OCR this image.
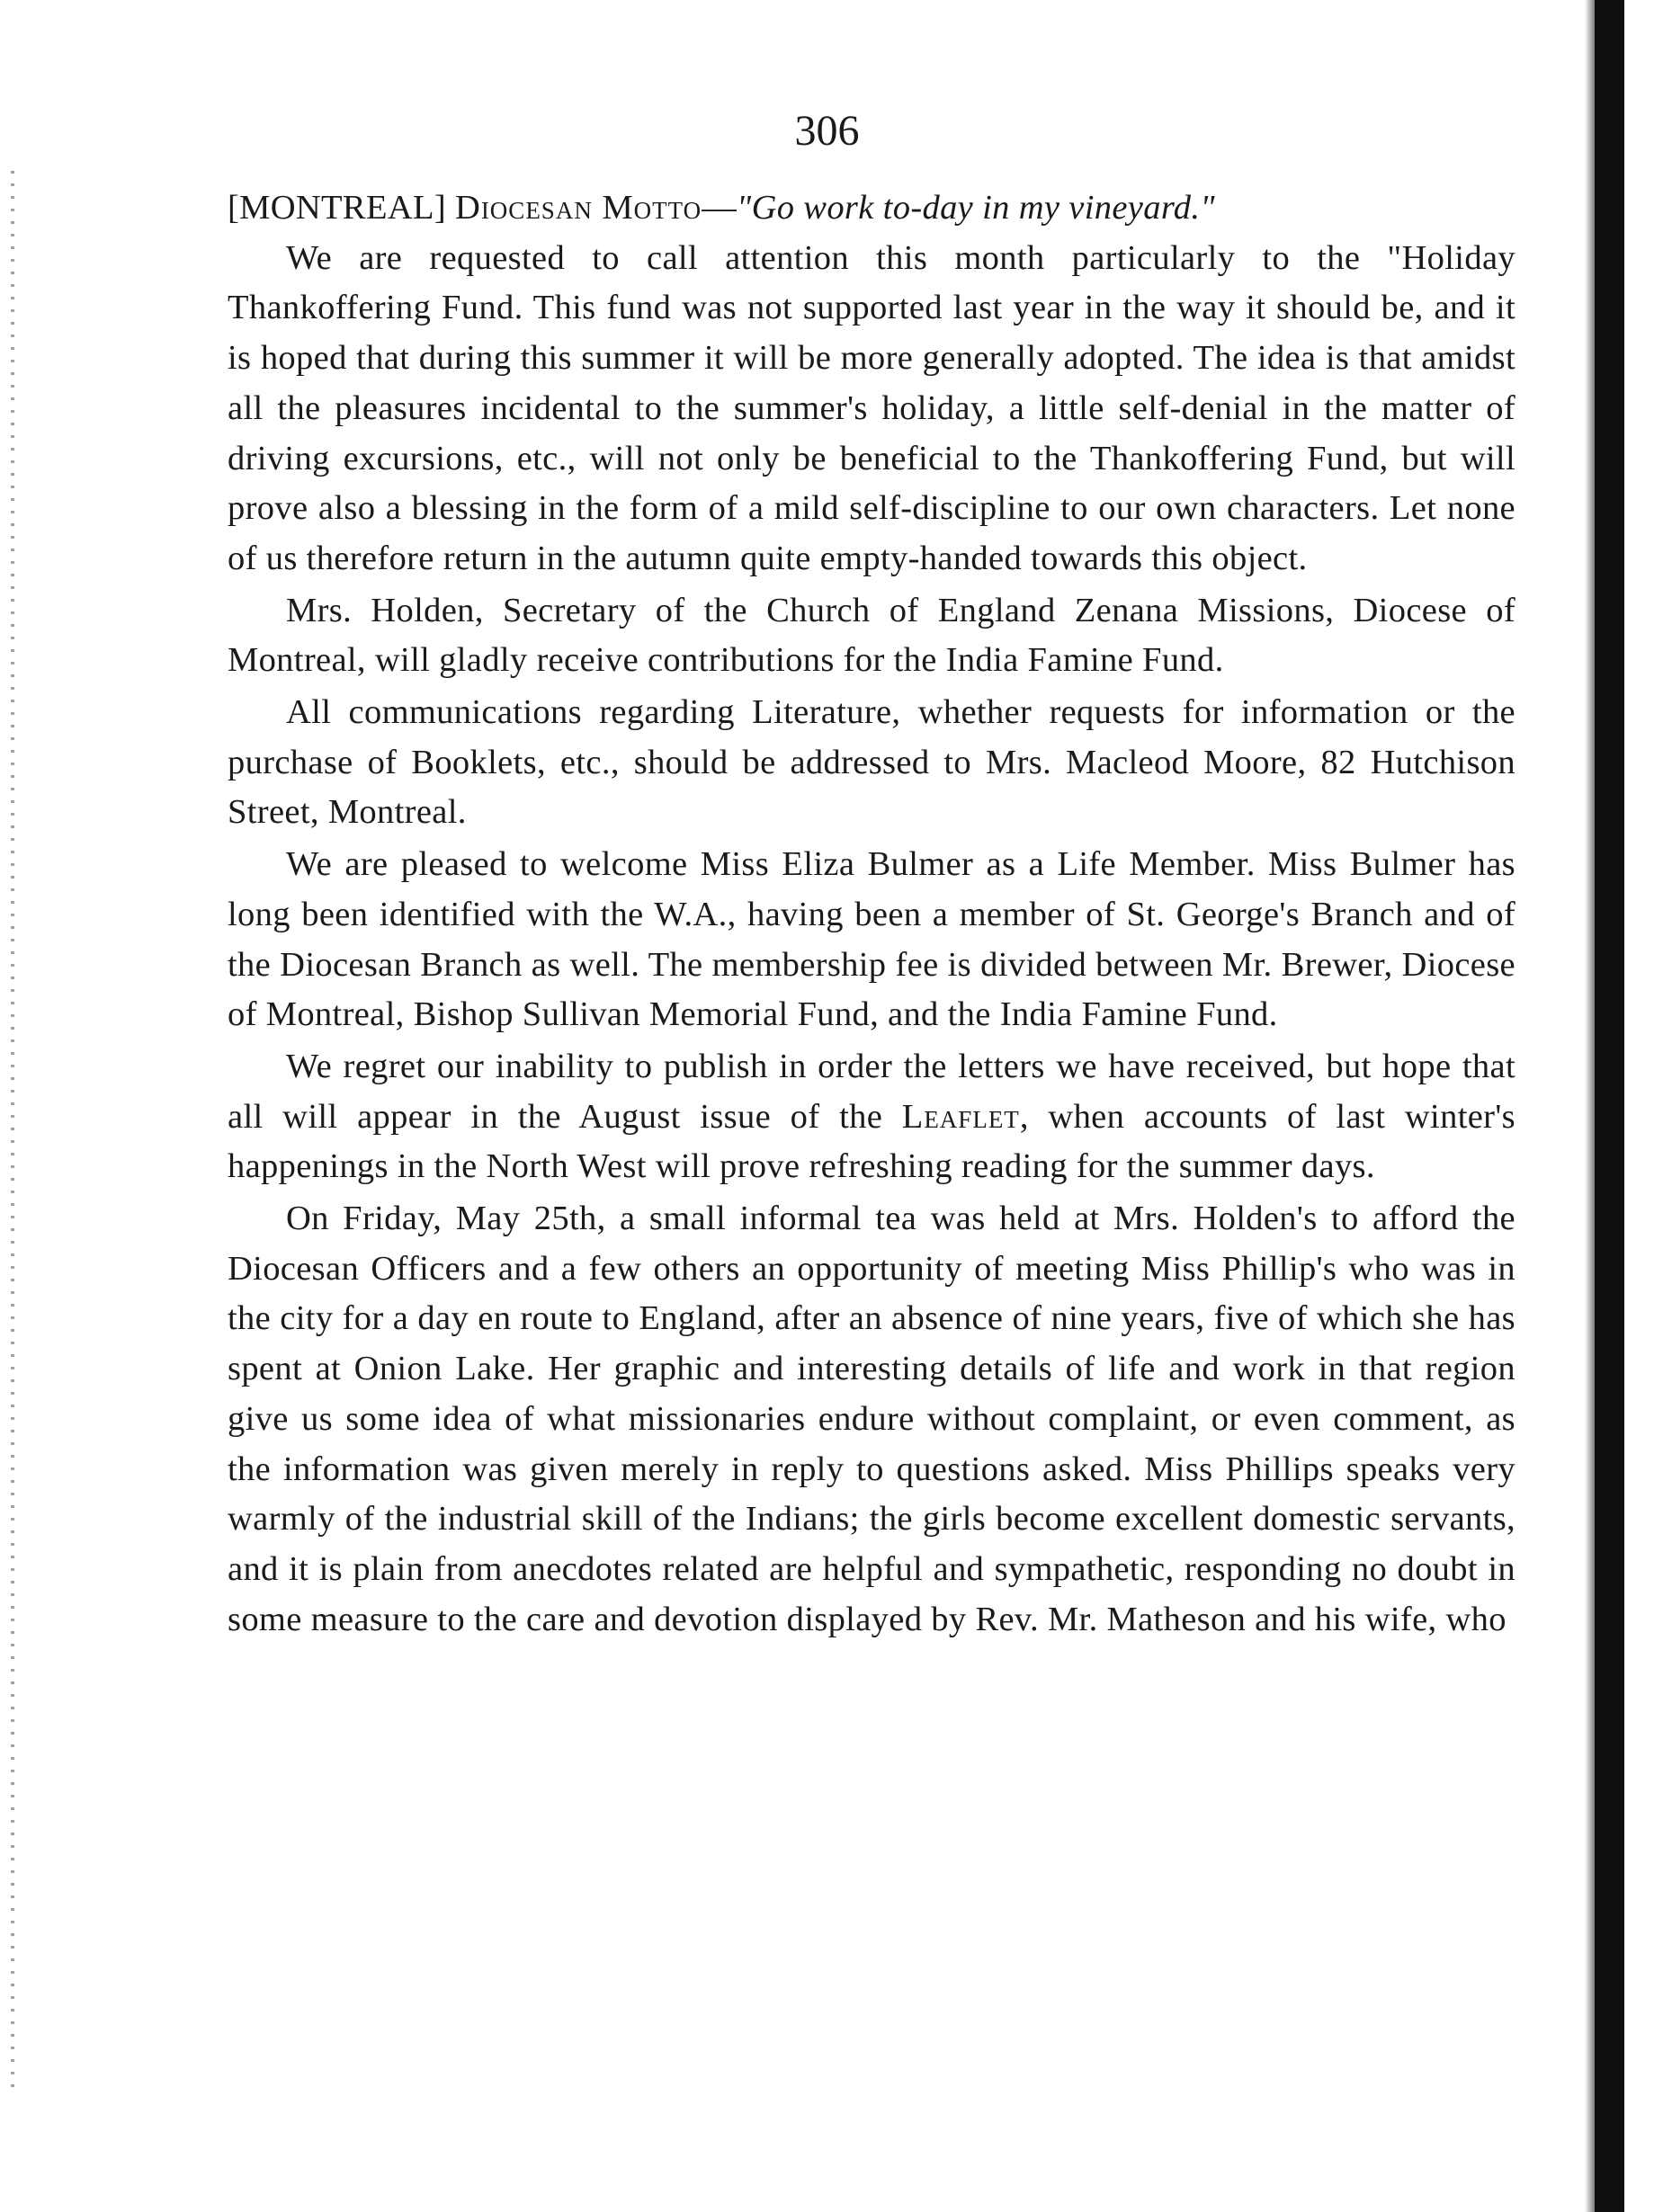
306

[MONTREAL] Diocesan Motto—"Go work to-day in my vineyard."

We are requested to call attention this month particularly to the "Holiday Thankoffering Fund. This fund was not supported last year in the way it should be, and it is hoped that during this summer it will be more generally adopted. The idea is that amidst all the pleasures incidental to the summer's holiday, a little self-denial in the matter of driving excursions, etc., will not only be beneficial to the Thankoffering Fund, but will prove also a blessing in the form of a mild self-discipline to our own characters. Let none of us therefore return in the autumn quite empty-handed towards this object.

Mrs. Holden, Secretary of the Church of England Zenana Missions, Diocese of Montreal, will gladly receive contributions for the India Famine Fund.

All communications regarding Literature, whether requests for information or the purchase of Booklets, etc., should be addressed to Mrs. Macleod Moore, 82 Hutchison Street, Montreal.

We are pleased to welcome Miss Eliza Bulmer as a Life Member. Miss Bulmer has long been identified with the W.A., having been a member of St. George's Branch and of the Diocesan Branch as well. The membership fee is divided between Mr. Brewer, Diocese of Montreal, Bishop Sullivan Memorial Fund, and the India Famine Fund.

We regret our inability to publish in order the letters we have received, but hope that all will appear in the August issue of the Leaflet, when accounts of last winter's happenings in the North West will prove refreshing reading for the summer days.

On Friday, May 25th, a small informal tea was held at Mrs. Holden's to afford the Diocesan Officers and a few others an opportunity of meeting Miss Phillip's who was in the city for a day en route to England, after an absence of nine years, five of which she has spent at Onion Lake. Her graphic and interesting details of life and work in that region give us some idea of what missionaries endure without complaint, or even comment, as the information was given merely in reply to questions asked. Miss Phillips speaks very warmly of the industrial skill of the Indians; the girls become excellent domestic servants, and it is plain from anecdotes related are helpful and sympathetic, responding no doubt in some measure to the care and devotion displayed by Rev. Mr. Matheson and his wife, who
